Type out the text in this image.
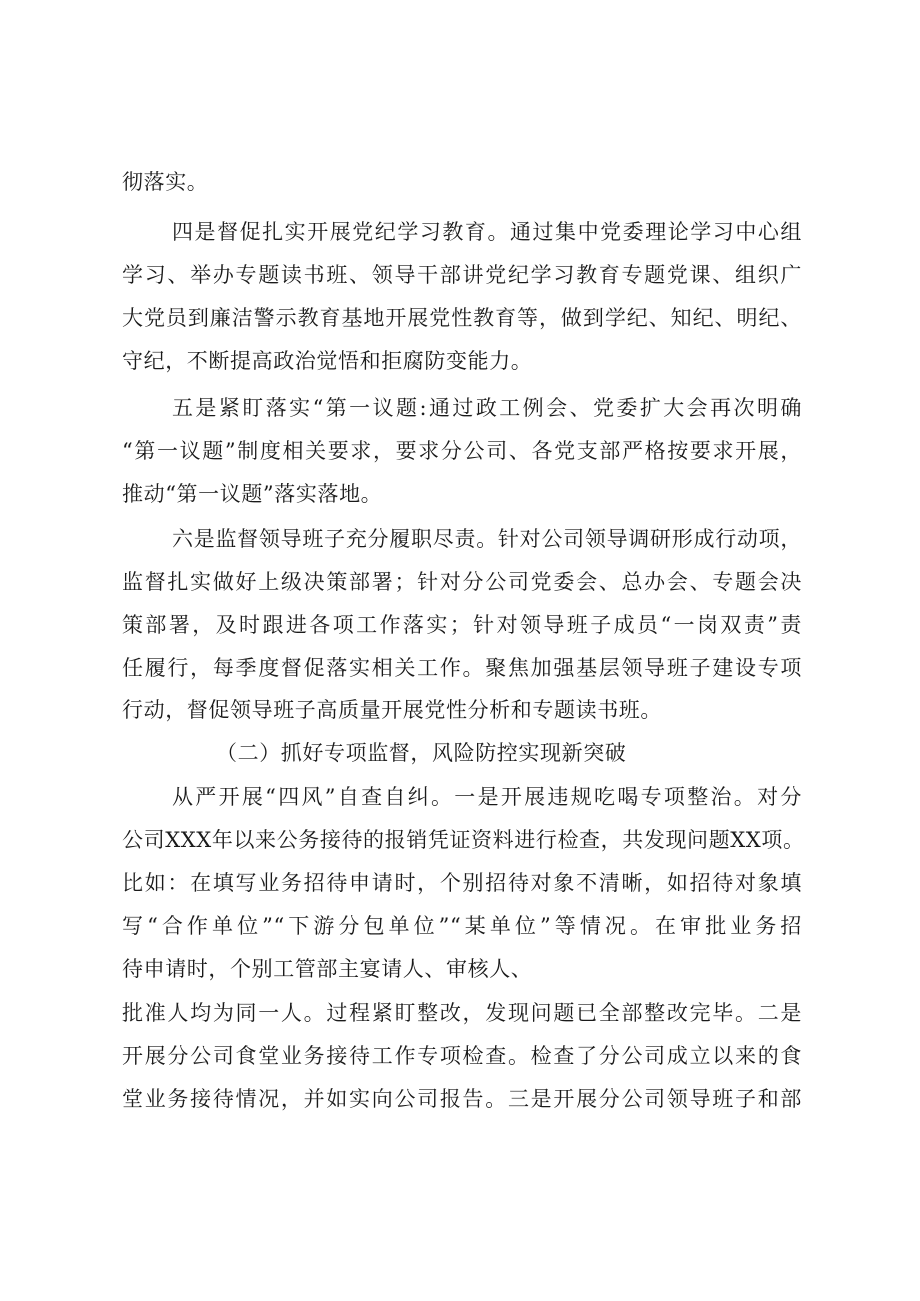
彻落实。
四是督促扎实开展党纪学习教育。通过集中党委理论学习中心组
学习、举办专题读书班、领导干部讲党纪学习教育专题党课、组织广
大党员到廉洁警示教育基地开展党性教育等，做到学纪、知纪、明纪、
守纪，不断提高政治觉悟和拒腐防变能力。
五是紧盯落实“第一议题:通过政工例会、党委扩大会再次明确
“第一议题”制度相关要求，要求分公司、各党支部严格按要求开展，
推动“第一议题”落实落地。
六是监督领导班子充分履职尽责。针对公司领导调研形成行动项，
监督扎实做好上级决策部署；针对分公司党委会、总办会、专题会决
策部署，及时跟进各项工作落实；针对领导班子成员“一岗双责”责
任履行，每季度督促落实相关工作。聚焦加强基层领导班子建设专项
行动，督促领导班子高质量开展党性分析和专题读书班。
（二）抓好专项监督，风险防控实现新突破
从严开展“四风”自查自纠。一是开展违规吃喝专项整治。对分
公司XXX年以来公务接待的报销凭证资料进行检查，共发现问题XX项。
比如：在填写业务招待申请时，个别招待对象不清晰，如招待对象填
写“合作单位”“下游分包单位”“某单位”等情况。在审批业务招
待申请时，个别工管部主宴请人、审核人、
批准人均为同一人。过程紧盯整改，发现问题已全部整改完毕。二是
开展分公司食堂业务接待工作专项检查。检查了分公司成立以来的食
堂业务接待情况，并如实向公司报告。三是开展分公司领导班子和部
